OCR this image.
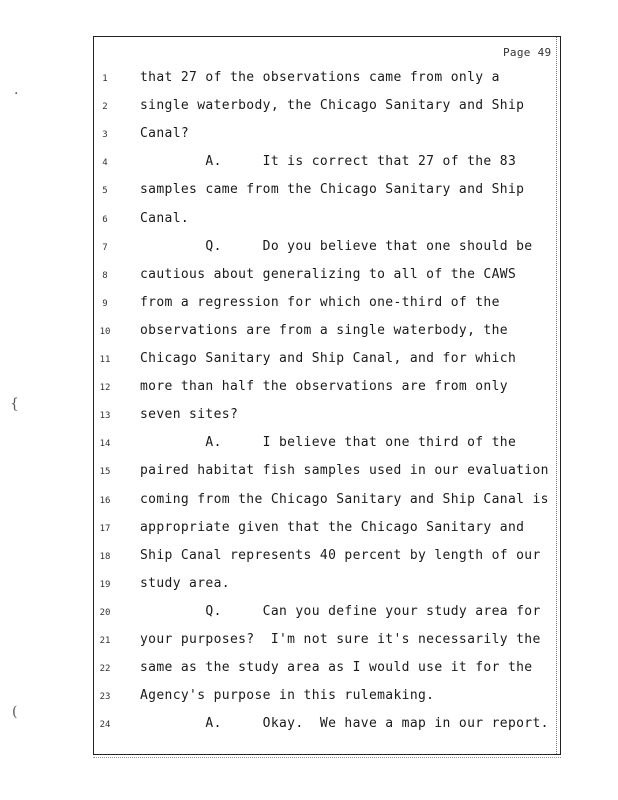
Page 49
1	that 27 of the observations came from only a
2	single waterbody, the Chicago Sanitary and Ship
3	Canal?
4	A.     It is correct that 27 of the 83
5	samples came from the Chicago Sanitary and Ship
6	Canal.
7	Q.     Do you believe that one should be
8	cautious about generalizing to all of the CAWS
9	from a regression for which one-third of the
10 observations are from a single waterbody, the
11 Chicago Sanitary and Ship Canal, and for which
12 more than half the observations are from only
13 seven sites?
14 A.     I believe that one third of the
15 paired habitat fish samples used in our evaluation
16 coming from the Chicago Sanitary and Ship Canal is
17 appropriate given that the Chicago Sanitary and
18 Ship Canal represents 40 percent by length of our
19 study area.
20 Q.     Can you define your study area for
21 your purposes?  I'm not sure it's necessarily the
22 same as the study area as I would use it for the
23 Agency's purpose in this rulemaking.
24 A.     Okay.  We have a map in our report.
·
{
(
